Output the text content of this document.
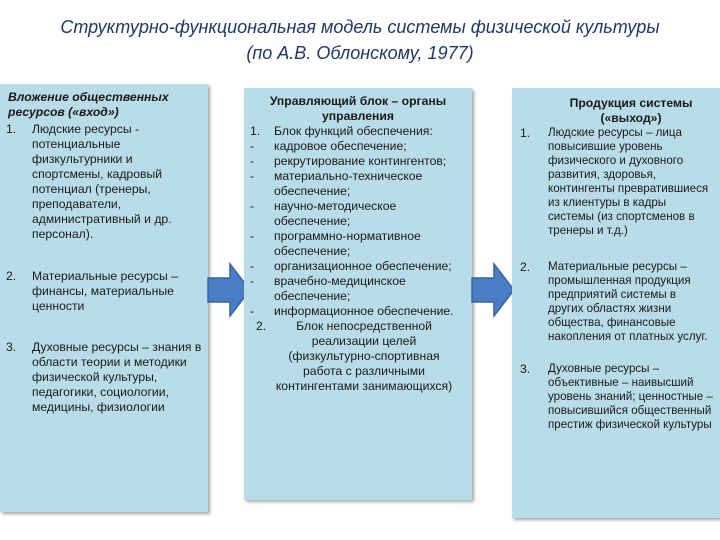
Структурно-функциональная модель системы физической культуры
(по А.В. Облонскому, 1977)
Вложение общественных ресурсов («вход»)
1.	Людские ресурсы - потенциальные физкультурники и спортсмены, кадровый потенциал (тренеры, преподаватели, административный и др. персонал).
2.	Материальные ресурсы – финансы, материальные ценности
3.	Духовные ресурсы – знания в области теории и методики физической культуры, педагогики, социологии, медицины, физиологии
Управляющий блок – органы управления
1.	Блок функций обеспечения:
-	кадровое обеспечение;
-	рекрутирование контингентов;
-	материально-техническое обеспечение;
-	научно-методическое обеспечение;
-	программно-нормативное обеспечение;
-	организационное обеспечение;
-	врачебно-медицинское обеспечение;
-	информационное обеспечение.
2.	Блок непосредственной реализации целей (физкультурно-спортивная работа с различными контингентами занимающихся)
Продукция системы («выход»)
1.	Людские ресурсы – лица повысившие уровень физического и духовного развития, здоровья, контингенты превратившиеся из клиентуры в кадры системы (из спортсменов в тренеры и т.д.)
2.	Материальные ресурсы – промышленная продукция предприятий системы в других областях жизни общества, финансовые накопления от платных услуг.
3.	Духовные ресурсы – объективные – наивысший уровень знаний; ценностные – повысившийся общественный престиж физической культуры
